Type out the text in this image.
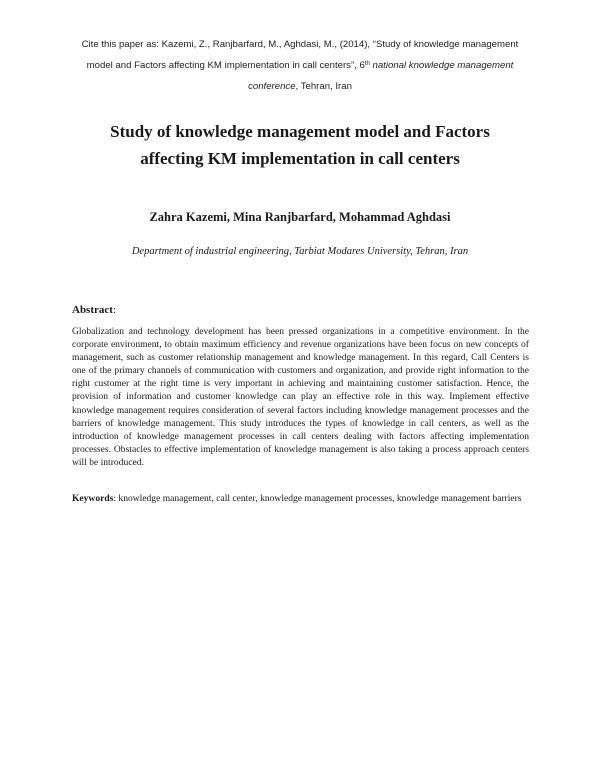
Cite this paper as: Kazemi, Z., Ranjbarfard, M., Aghdasi, M., (2014), “Study of knowledge management
model and Factors affecting KM implementation in call centers”, 6th national knowledge management
conference, Tehran, Iran
Study of knowledge management model and Factors
affecting KM implementation in call centers
Zahra Kazemi, Mina Ranjbarfard, Mohammad Aghdasi
Department of industrial engineering, Tarbiat Modares University, Tehran, Iran
Abstract:
Globalization and technology development has been pressed organizations in a competitive environment. In the corporate environment, to obtain maximum efficiency and revenue organizations have been focus on new concepts of management, such as customer relationship management and knowledge management. In this regard, Call Centers is one of the primary channels of communication with customers and organization, and provide right information to the right customer at the right time is very important in achieving and maintaining customer satisfaction. Hence, the provision of information and customer knowledge can play an effective role in this way. Implement effective knowledge management requires consideration of several factors including knowledge management processes and the barriers of knowledge management. This study introduces the types of knowledge in call centers, as well as the introduction of knowledge management processes in call centers dealing with factors affecting implementation processes. Obstacles to effective implementation of knowledge management is also taking a process approach centers will be introduced.
Keywords: knowledge management, call center, knowledge management processes, knowledge management barriers
